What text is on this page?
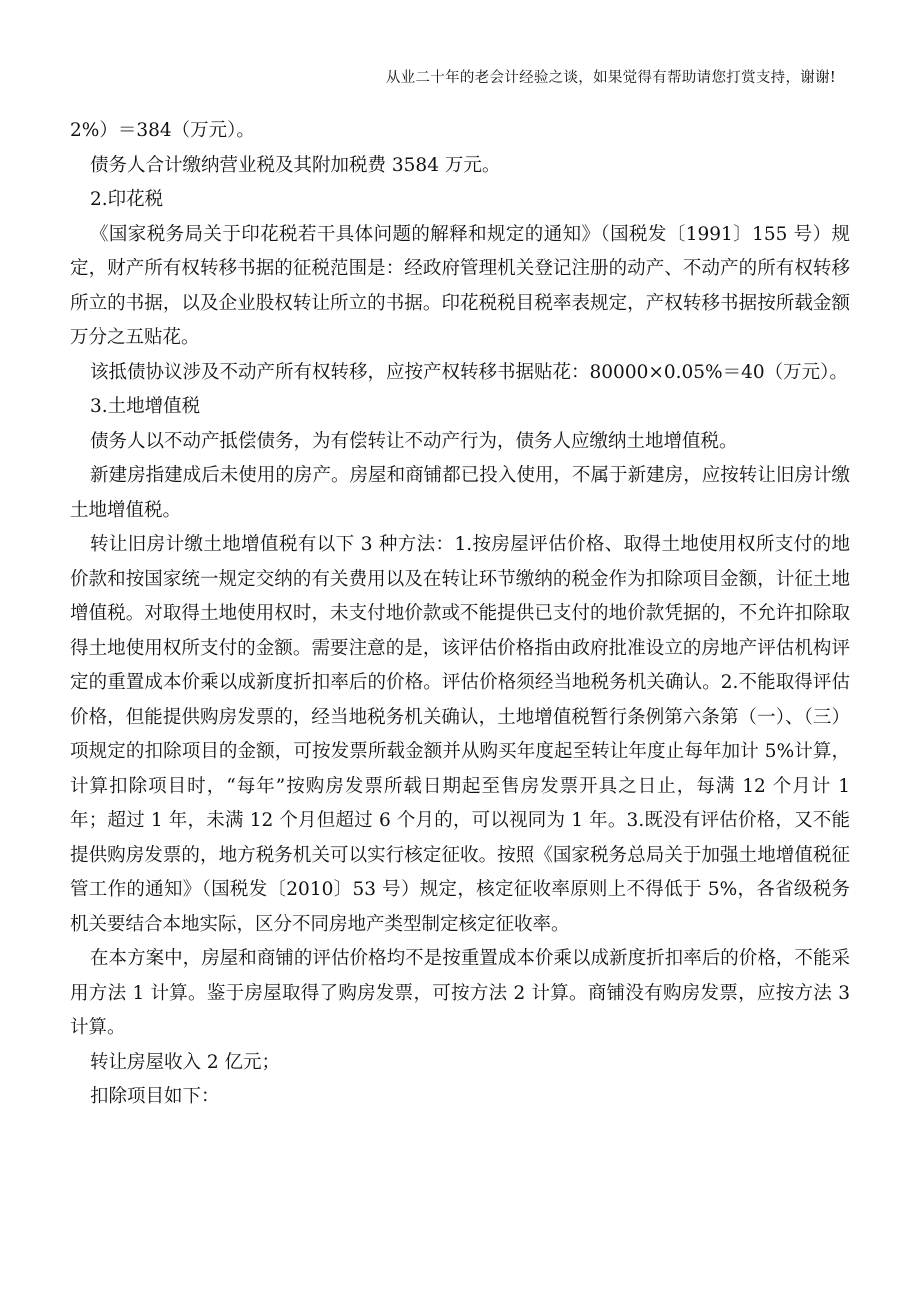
从业二十年的老会计经验之谈，如果觉得有帮助请您打赏支持，谢谢!

2%）＝384（万元）。

债务人合计缴纳营业税及其附加税费 3584 万元。

2.印花税

《国家税务局关于印花税若干具体问题的解释和规定的通知》（国税发〔1991〕155 号）规定，财产所有权转移书据的征税范围是：经政府管理机关登记注册的动产、不动产的所有权转移所立的书据，以及企业股权转让所立的书据。印花税税目税率表规定，产权转移书据按所载金额万分之五贴花。

该抵债协议涉及不动产所有权转移，应按产权转移书据贴花：80000×0.05%＝40（万元）。

3.土地增值税

债务人以不动产抵偿债务，为有偿转让不动产行为，债务人应缴纳土地增值税。

新建房指建成后未使用的房产。房屋和商铺都已投入使用，不属于新建房，应按转让旧房计缴土地增值税。

转让旧房计缴土地增值税有以下 3 种方法：1.按房屋评估价格、取得土地使用权所支付的地价款和按国家统一规定交纳的有关费用以及在转让环节缴纳的税金作为扣除项目金额，计征土地增值税。对取得土地使用权时，未支付地价款或不能提供已支付的地价款凭据的，不允许扣除取得土地使用权所支付的金额。需要注意的是，该评估价格指由政府批准设立的房地产评估机构评定的重置成本价乘以成新度折扣率后的价格。评估价格须经当地税务机关确认。2.不能取得评估价格，但能提供购房发票的，经当地税务机关确认，土地增值税暂行条例第六条第（一）、（三）项规定的扣除项目的金额，可按发票所载金额并从购买年度起至转让年度止每年加计 5%计算，计算扣除项目时，“每年”按购房发票所载日期起至售房发票开具之日止，每满 12 个月计 1 年；超过 1 年，未满 12 个月但超过 6 个月的，可以视同为 1 年。3.既没有评估价格，又不能提供购房发票的，地方税务机关可以实行核定征收。按照《国家税务总局关于加强土地增值税征管工作的通知》（国税发〔2010〕53 号）规定，核定征收率原则上不得低于 5%，各省级税务机关要结合本地实际，区分不同房地产类型制定核定征收率。

在本方案中，房屋和商铺的评估价格均不是按重置成本价乘以成新度折扣率后的价格，不能采用方法 1 计算。鉴于房屋取得了购房发票，可按方法 2 计算。商铺没有购房发票，应按方法 3 计算。

转让房屋收入 2 亿元；

扣除项目如下：
